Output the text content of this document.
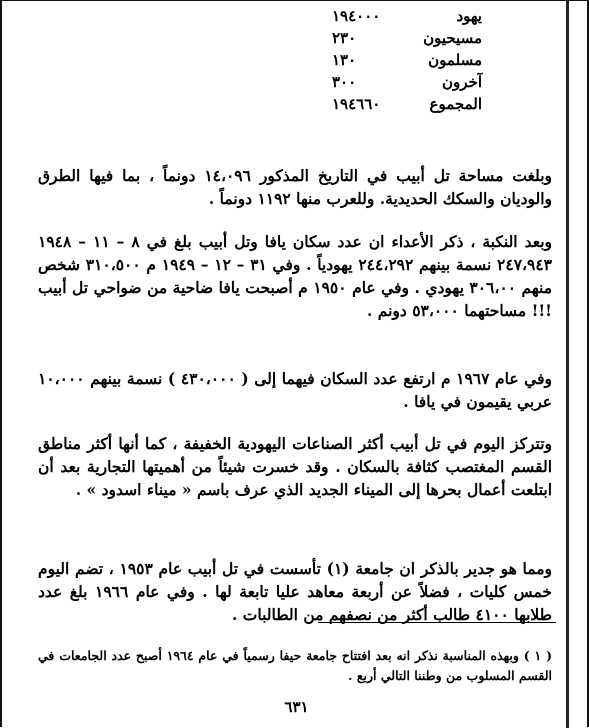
يهود
١٩٤٠٠٠
مسيحيون
٢٣٠
مسلمون
١٣٠
آخرون
٣٠٠
المجموع
١٩٤٦٦٠

وبلغت مساحة تل أبيب في التاريخ المذكور ١٤،٠٩٦ دونماً ، بما فيها الطرق والوديان والسكك الحديدية. وللعرب منها ١١٩٢ دونماً .

وبعد النكبة ، ذكر الأعداء ان عدد سكان يافا وتل أبيب بلغ في ٨ – ١١ – ١٩٤٨ ٢٤٧،٩٤٣ نسمة بينهم ٢٤٤،٢٩٢ يهودياً . وفي ٣١ – ١٢ – ١٩٤٩ م ٣١٠،٥٠٠ شخص منهم ٣٠٦،٠٠ يهودي . وفي عام ١٩٥٠ م أصبحت يافا ضاحية من ضواحي تل أبيب !!! مساحتهما ٥٣،٠٠٠ دونم .

وفي عام ١٩٦٧ م ارتفع عدد السكان فيهما إلى ( ٤٣٠،٠٠٠ ) نسمة بينهم ١٠،٠٠٠ عربي يقيمون في يافا .

وتتركز اليوم في تل أبيب أكثر الصناعات اليهودية الخفيفة ، كما أنها أكثر مناطق القسم المغتصب كثافة بالسكان . وقد خسرت شيئاً من أهميتها التجارية بعد أن ابتلعت أعمال بحرها إلى الميناء الجديد الذي عرف باسم « ميناء اسدود » .

ومما هو جدير بالذكر ان جامعة (١) تأسست في تل أبيب عام ١٩٥٣ ، تضم اليوم خمس كليات ، فضلاً عن أربعة معاهد عليا تابعة لها . وفي عام ١٩٦٦ بلغ عدد طلابها ٤١٠٠ طالب أكثر من نصفهم من الطالبات .

( ١ ) وبهذه المناسبة نذكر انه بعد افتتاح جامعة حيفا رسمياً في عام ١٩٦٤ أصبح عدد الجامعات في القسم المسلوب من وطننا التالي أربع .

٦٣١
